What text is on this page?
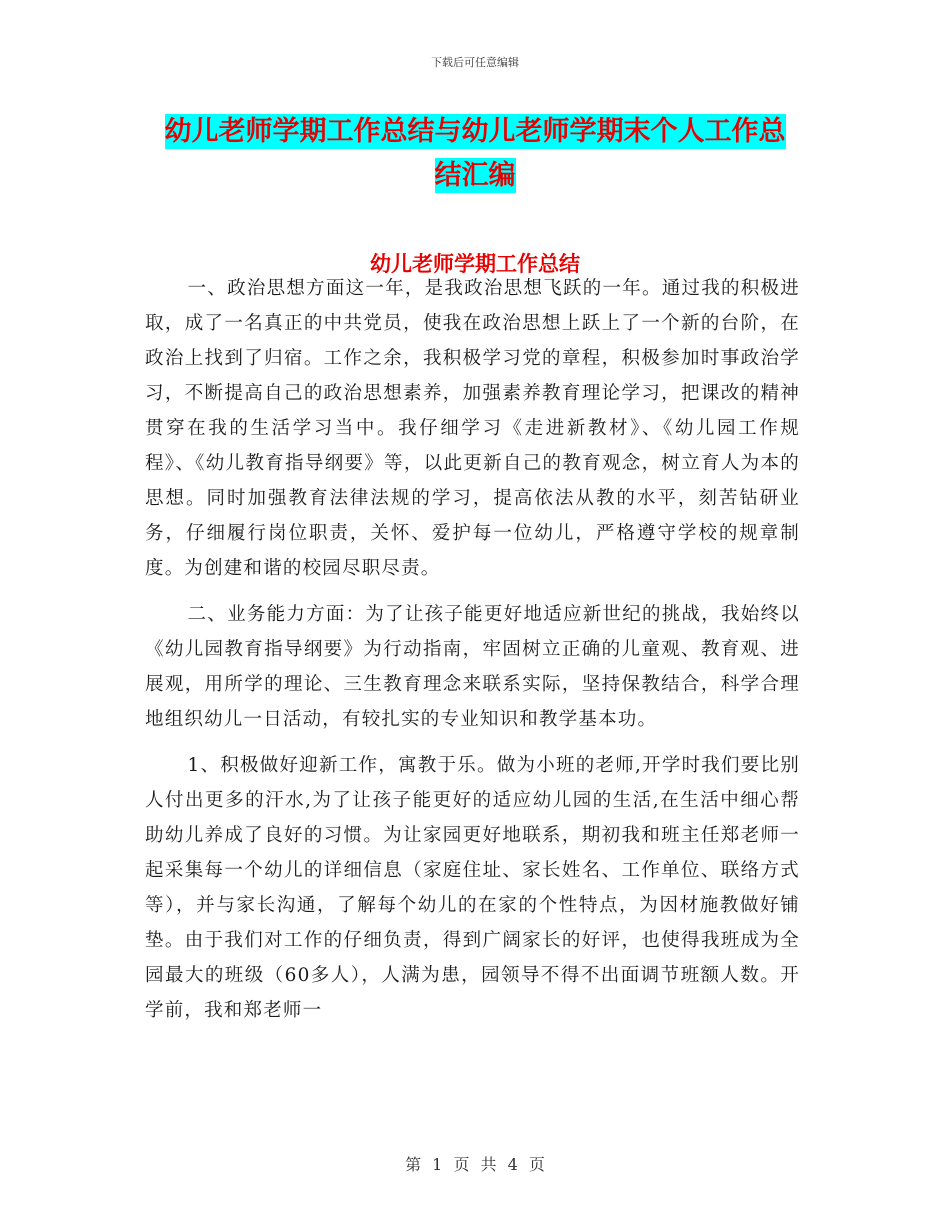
下载后可任意编辑
幼儿老师学期工作总结与幼儿老师学期末个人工作总
结汇编
幼儿老师学期工作总结

一、政治思想方面这一年，是我政治思想飞跃的一年。通过我的积极进取，成了一名真正的中共党员，使我在政治思想上跃上了一个新的台阶，在政治上找到了归宿。工作之余，我积极学习党的章程，积极参加时事政治学习，不断提高自己的政治思想素养，加强素养教育理论学习，把课改的精神贯穿在我的生活学习当中。我仔细学习《走进新教材》、《幼儿园工作规程》、《幼儿教育指导纲要》等，以此更新自己的教育观念，树立育人为本的思想。同时加强教育法律法规的学习，提高依法从教的水平，刻苦钻研业务，仔细履行岗位职责，关怀、爱护每一位幼儿，严格遵守学校的规章制度。为创建和谐的校园尽职尽责。

二、业务能力方面：为了让孩子能更好地适应新世纪的挑战，我始终以《幼儿园教育指导纲要》为行动指南，牢固树立正确的儿童观、教育观、进展观，用所学的理论、三生教育理念来联系实际，坚持保教结合，科学合理地组织幼儿一日活动，有较扎实的专业知识和教学基本功。

1、积极做好迎新工作，寓教于乐。做为小班的老师,开学时我们要比别人付出更多的汗水,为了让孩子能更好的适应幼儿园的生活,在生活中细心帮助幼儿养成了良好的习惯。为让家园更好地联系，期初我和班主任郑老师一起采集每一个幼儿的详细信息（家庭住址、家长姓名、工作单位、联络方式等），并与家长沟通，了解每个幼儿的在家的个性特点，为因材施教做好铺垫。由于我们对工作的仔细负责，得到广阔家长的好评，也使得我班成为全园最大的班级（60多人），人满为患，园领导不得不出面调节班额人数。开学前，我和郑老师一

第 1 页 共 4 页
